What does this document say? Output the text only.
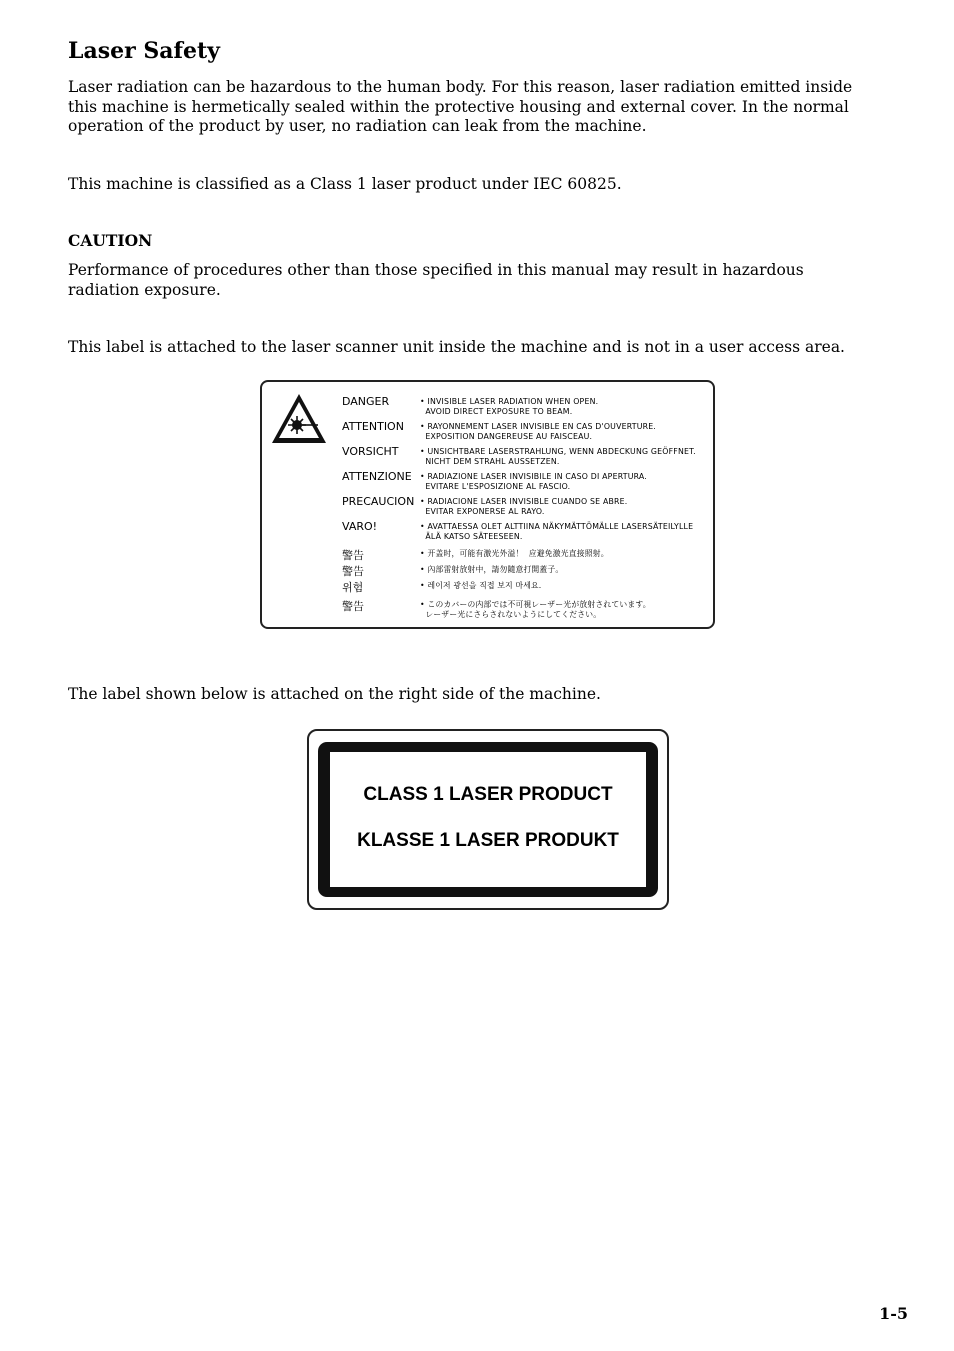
Laser Safety

Laser radiation can be hazardous to the human body. For this reason, laser radiation emitted inside this machine is hermetically sealed within the protective housing and external cover. In the normal operation of the product by user, no radiation can leak from the machine.

This machine is classified as a Class 1 laser product under IEC 60825.

CAUTION

Performance of procedures other than those specified in this manual may result in hazardous radiation exposure.

This label is attached to the laser scanner unit inside the machine and is not in a user access area.

DANGER	• INVISIBLE LASER RADIATION WHEN OPEN.
AVOID DIRECT EXPOSURE TO BEAM.
ATTENTION • RAYONNEMENT LASER INVISIBLE EN CAS D'OUVERTURE.
EXPOSITION DANGEREUSE AU FAISCEAU.
VORSICHT	• UNSICHTBARE LASERSTRAHLUNG, WENN ABDECKUNG GEÖFFNET.
NICHT DEM STRAHL AUSSETZEN.
ATTENZIONE • RADIAZIONE LASER INVISIBILE IN CASO DI APERTURA.
EVITARE L'ESPOSIZIONE AL FASCIO.
PRECAUCION • RADIACIONE LASER INVISIBLE CUANDO SE ABRE.
EVITAR EXPONERSE AL RAYO.
VARO!	• AVATTAESSA OLET ALTTIINA NÄKYMÄTTÖMÄLLE LASERSÄTEILYLLE
ÄLÄ KATSO SÄTEESEEN.
警告	• 开盖时，可能有激光外溢！  应避免激光直接照射。
警告	• 內部雷射放射中，請勿隨意打開蓋子。
위험	• 레이저 광선을 직접 보지 마세요.
警告	• このカバーの内部では不可視レーザー光が放射されています。
レーザー光にさらされないようにしてください。

The label shown below is attached on the right side of the machine.

CLASS 1 LASER PRODUCT
KLASSE 1 LASER PRODUKT
1-5
